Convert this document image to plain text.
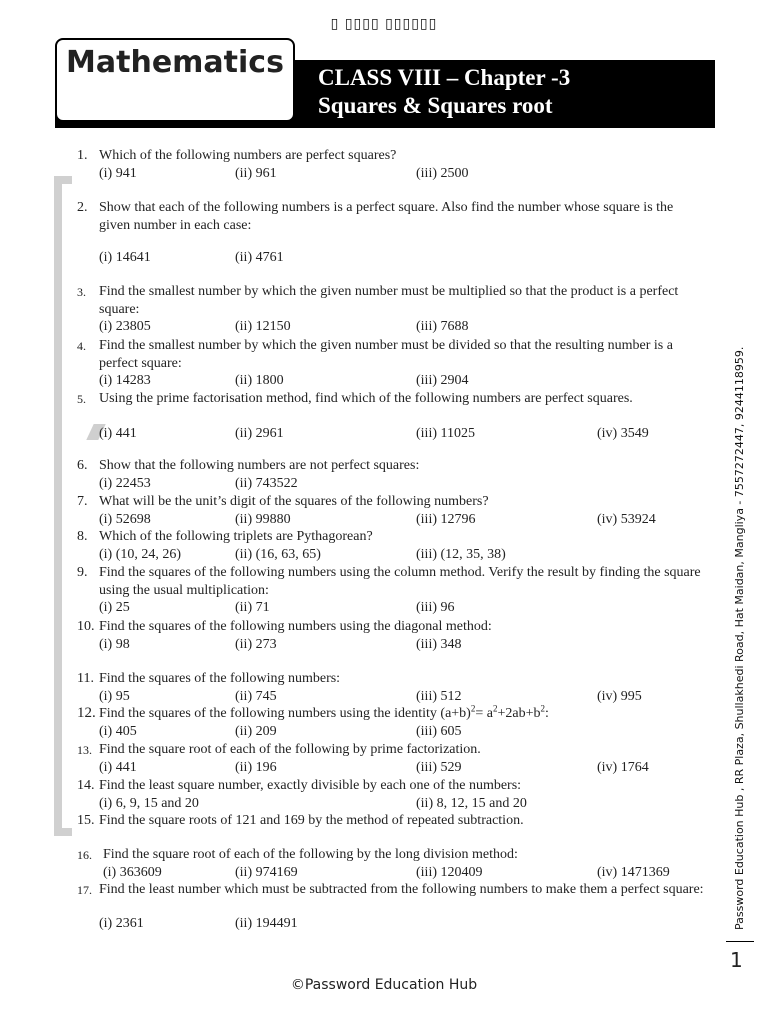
▯ ▯▯▯▯ ▯▯▯▯▯▯
Mathematics	CLASS VIII – Chapter -3
Squares & Squares root
1. Which of the following numbers are perfect squares?
(i) 941	(ii) 961	(iii) 2500
2. Show that each of the following numbers is a perfect square. Also find the number whose square is the given number in each case:
(i) 14641	(ii) 4761
3. Find the smallest number by which the given number must be multiplied so that the product is a perfect square:
(i) 23805	(ii) 12150	(iii) 7688
4. Find the smallest number by which the given number must be divided so that the resulting number is a perfect square:
(i) 14283	(ii) 1800	(iii) 2904
5. Using the prime factorisation method, find which of the following numbers are perfect squares.
(i) 441	(ii) 2961	(iii) 11025	(iv) 3549
6. Show that the following numbers are not perfect squares:
(i) 22453	(ii) 743522
7. What will be the unit’s digit of the squares of the following numbers?
(i) 52698	(ii) 99880	(iii) 12796	(iv) 53924
8. Which of the following triplets are Pythagorean?
(i) (10, 24, 26)	(ii) (16, 63, 65)	(iii) (12, 35, 38)
9. Find the squares of the following numbers using the column method. Verify the result by finding the square using the usual multiplication:
(i) 25	(ii) 71	(iii) 96
10. Find the squares of the following numbers using the diagonal method:
(i) 98	(ii) 273	(iii) 348
11. Find the squares of the following numbers:
(i) 95	(ii) 745	(iii) 512	(iv) 995
12. Find the squares of the following numbers using the identity $(a+b)^2= a^2+2ab+b^2$:
(i) 405	(ii) 209	(iii) 605
13. Find the square root of each of the following by prime factorization.
(i) 441	(ii) 196	(iii) 529	(iv) 1764
14. Find the least square number, exactly divisible by each one of the numbers:
(i) 6, 9, 15 and 20	(ii) 8, 12, 15 and 20
15. Find the square roots of 121 and 169 by the method of repeated subtraction.
16. Find the square root of each of the following by the long division method:
(i) 363609	(ii) 974169	(iii) 120409	(iv) 1471369
17. Find the least number which must be subtracted from the following numbers to make them a perfect square:
(i) 2361	(ii) 194491	Password Education Hub , RR Plaza, Shullakhedi Road, Hat Maidan, Mangliya - 7557272447, 9244118959.
1
©Password Education Hub
